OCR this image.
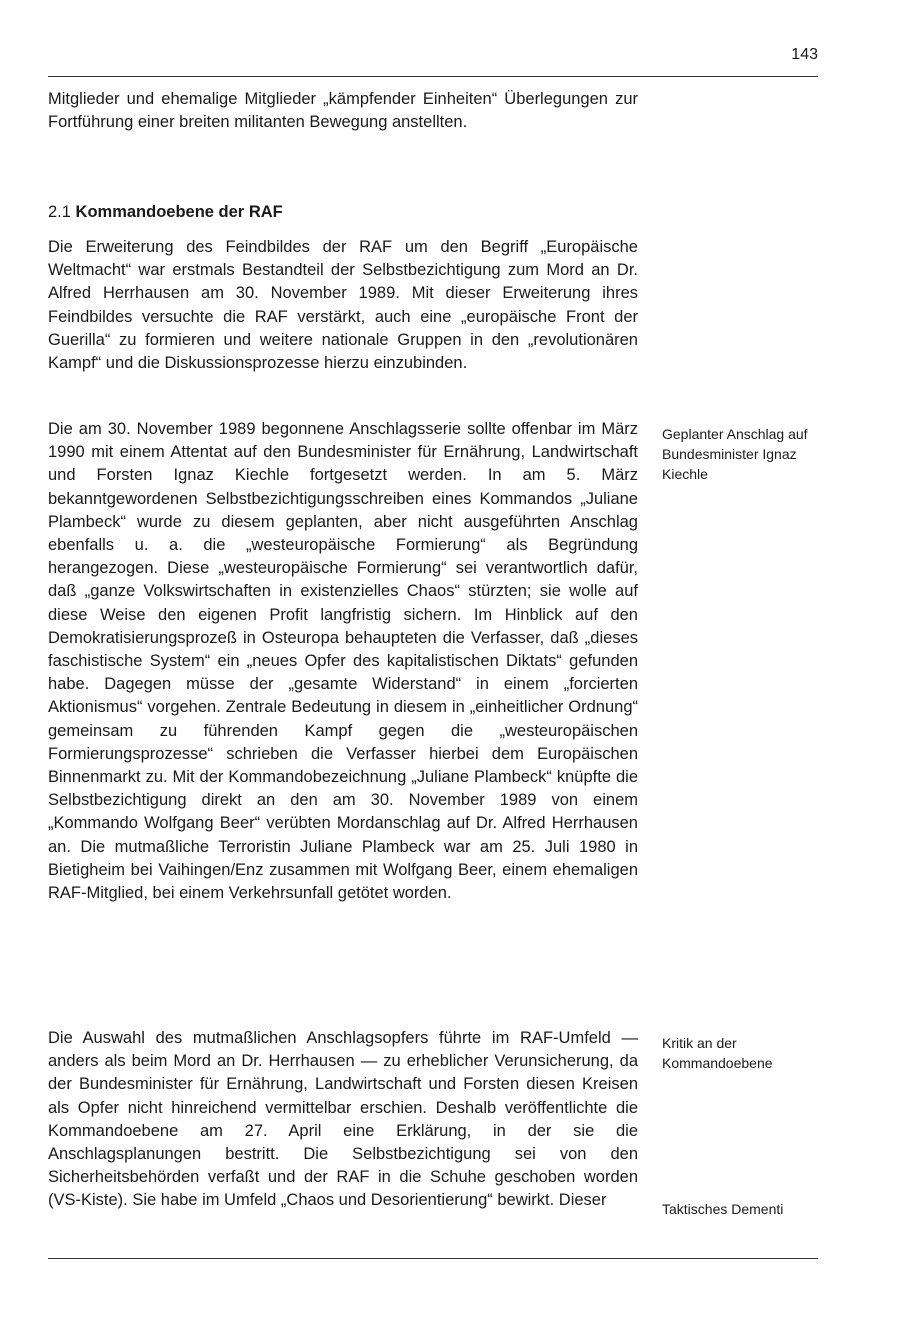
143

Mitglieder und ehemalige Mitglieder „kämpfender Einheiten“ Überlegungen zur Fortführung einer breiten militanten Bewegung anstellten.

2.1 Kommandoebene der RAF

Die Erweiterung des Feindbildes der RAF um den Begriff „Europäische Weltmacht“ war erstmals Bestandteil der Selbstbezichtigung zum Mord an Dr. Alfred Herrhausen am 30. November 1989. Mit dieser Erweiterung ihres Feindbildes versuchte die RAF verstärkt, auch eine „europäische Front der Guerilla“ zu formieren und weitere nationale Gruppen in den „revolutionären Kampf“ und die Diskussionsprozesse hierzu einzubinden.

Die am 30. November 1989 begonnene Anschlagsserie sollte offenbar im März 1990 mit einem Attentat auf den Bundesminister für Ernährung, Landwirtschaft und Forsten Ignaz Kiechle fortgesetzt werden. In am 5. März bekanntgewordenen Selbstbezichtigungsschreiben eines Kommandos „Juliane Plambeck“ wurde zu diesem geplanten, aber nicht ausgeführten Anschlag ebenfalls u. a. die „westeuropäische Formierung“ als Begründung herangezogen. Diese „westeuropäische Formierung“ sei verantwortlich dafür, daß „ganze Volkswirtschaften in existenzielles Chaos“ stürzten; sie wolle auf diese Weise den eigenen Profit langfristig sichern. Im Hinblick auf den Demokratisierungsprozeß in Osteuropa behaupteten die Verfasser, daß „dieses faschistische System“ ein „neues Opfer des kapitalistischen Diktats“ gefunden habe. Dagegen müsse der „gesamte Widerstand“ in einem „forcierten Aktionismus“ vorgehen. Zentrale Bedeutung in diesem in „einheitlicher Ordnung“ gemeinsam zu führenden Kampf gegen die „westeuropäischen Formierungsprozesse“ schrieben die Verfasser hierbei dem Europäischen Binnenmarkt zu. Mit der Kommandobezeichnung „Juliane Plambeck“ knüpfte die Selbstbezichtigung direkt an den am 30. November 1989 von einem „Kommando Wolfgang Beer“ verübten Mordanschlag auf Dr. Alfred Herrhausen an. Die mutmaßliche Terroristin Juliane Plambeck war am 25. Juli 1980 in Bietigheim bei Vaihingen/Enz zusammen mit Wolfgang Beer, einem ehemaligen RAF-Mitglied, bei einem Verkehrsunfall getötet worden.

Die Auswahl des mutmaßlichen Anschlagsopfers führte im RAF-Umfeld — anders als beim Mord an Dr. Herrhausen — zu erheblicher Verunsicherung, da der Bundesminister für Ernährung, Landwirtschaft und Forsten diesen Kreisen als Opfer nicht hinreichend vermittelbar erschien. Deshalb veröffentlichte die Kommandoebene am 27. April eine Erklärung, in der sie die Anschlagsplanungen bestritt. Die Selbstbezichtigung sei von den Sicherheitsbehörden verfaßt und der RAF in die Schuhe geschoben worden (VS-Kiste). Sie habe im Umfeld „Chaos und Desorientierung“ bewirkt. Dieser

Geplanter Anschlag auf Bundesminister Ignaz Kiechle
Kritik an der Kommandoebene
Taktisches Dementi
